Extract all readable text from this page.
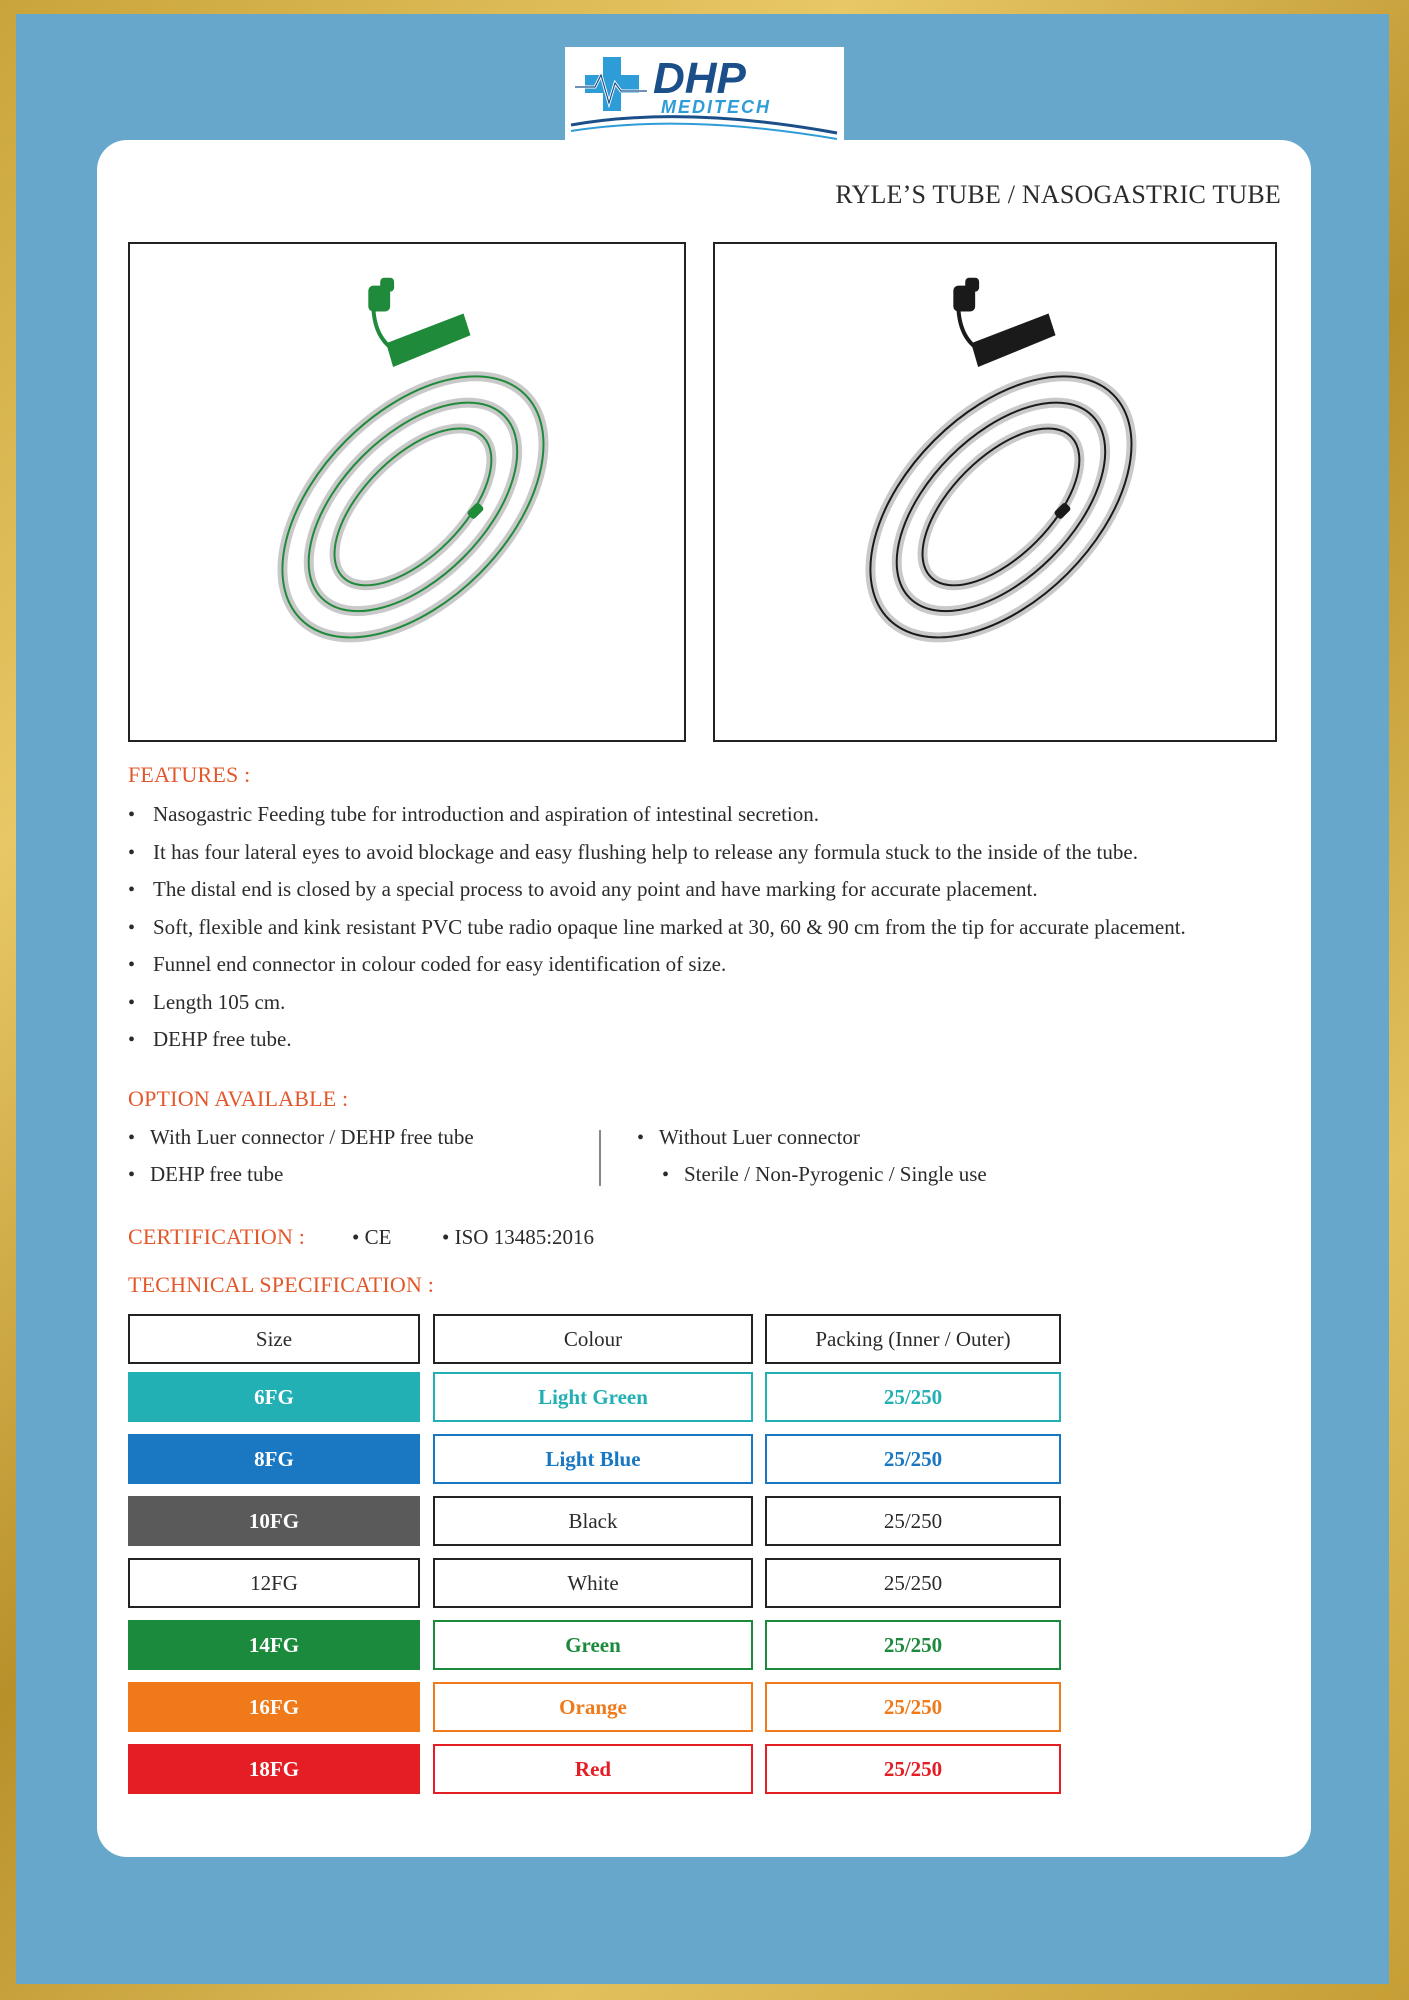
DHP
MEDITECH
RYLE’S TUBE / NASOGASTRIC TUBE
FEATURES :
• Nasogastric Feeding tube for introduction and aspiration of intestinal secretion.
• It has four lateral eyes to avoid blockage and easy flushing help to release any formula stuck to the inside of the tube.
• The distal end is closed by a special process to avoid any point and have marking for accurate placement.
• Soft, flexible and kink resistant PVC tube radio opaque line marked at 30, 60 & 90 cm from the tip for accurate placement.
• Funnel end connector in colour coded for easy identification of size.
• Length 105 cm.
• DEHP free tube.
OPTION AVAILABLE :
• With Luer connector / DEHP free tube
• DEHP free tube
• Without Luer connector
• Sterile / Non-Pyrogenic / Single use
CERTIFICATION : • CE • ISO 13485:2016
TECHNICAL SPECIFICATION :
Size	Colour	Packing (Inner / Outer)
6FG	Light Green	25/250
8FG	Light Blue	25/250
10FG	Black	25/250
12FG	White	25/250
14FG	Green	25/250
16FG	Orange	25/250
18FG	Red	25/250
